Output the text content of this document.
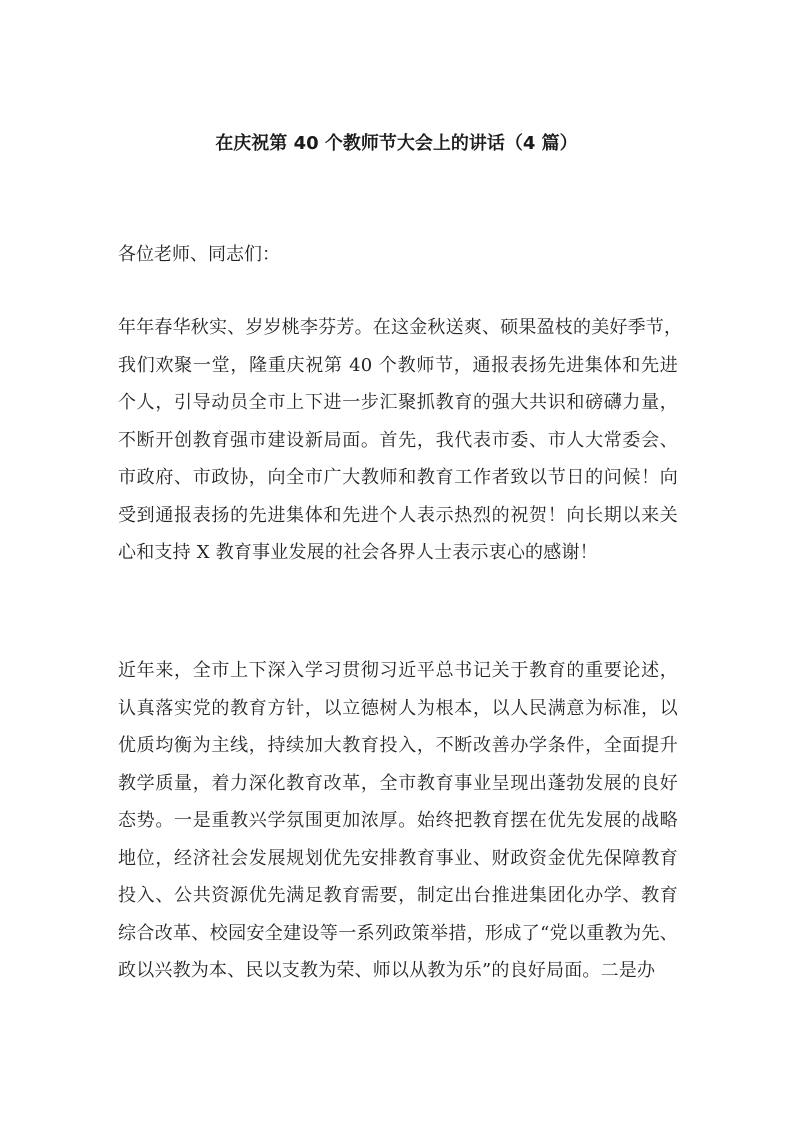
在庆祝第 40 个教师节大会上的讲话（4 篇）

各位老师、同志们：

年年春华秋实、岁岁桃李芬芳。在这金秋送爽、硕果盈枝的美好季节，
我们欢聚一堂，隆重庆祝第 40 个教师节，通报表扬先进集体和先进
个人，引导动员全市上下进一步汇聚抓教育的强大共识和磅礴力量，
不断开创教育强市建设新局面。首先，我代表市委、市人大常委会、
市政府、市政协，向全市广大教师和教育工作者致以节日的问候！向
受到通报表扬的先进集体和先进个人表示热烈的祝贺！向长期以来关
心和支持 X 教育事业发展的社会各界人士表示衷心的感谢！
近年来，全市上下深入学习贯彻习近平总书记关于教育的重要论述，
认真落实党的教育方针，以立德树人为根本，以人民满意为标准，以
优质均衡为主线，持续加大教育投入，不断改善办学条件，全面提升
教学质量，着力深化教育改革，全市教育事业呈现出蓬勃发展的良好
态势。一是重教兴学氛围更加浓厚。始终把教育摆在优先发展的战略
地位，经济社会发展规划优先安排教育事业、财政资金优先保障教育
投入、公共资源优先满足教育需要，制定出台推进集团化办学、教育
综合改革、校园安全建设等一系列政策举措，形成了“党以重教为先、
政以兴教为本、民以支教为荣、师以从教为乐”的良好局面。二是办
